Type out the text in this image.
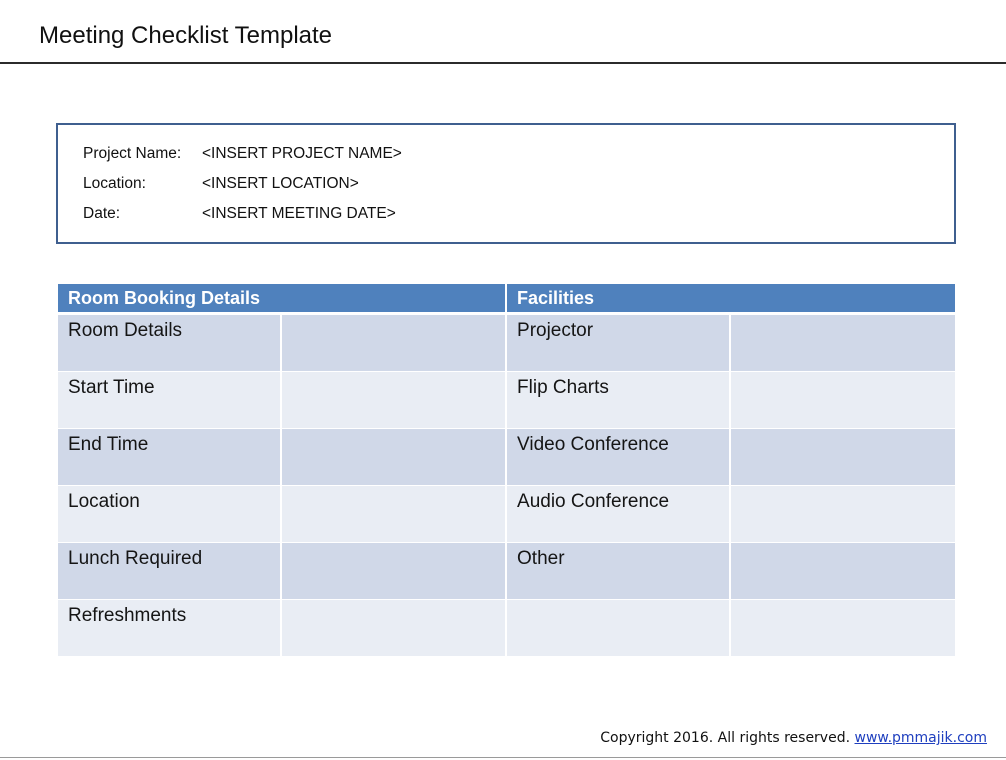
Meeting Checklist Template
Project Name: <INSERT PROJECT NAME>
Location:	<INSERT LOCATION>
Date:	<INSERT MEETING DATE>
Room Booking Details		Facilities	
Room Details		Projector	
Start Time		Flip Charts	
End Time		Video Conference	
Location		Audio Conference	
Lunch Required		Other	
Refreshments			
Copyright 2016. All rights reserved. www.pmmajik.com
